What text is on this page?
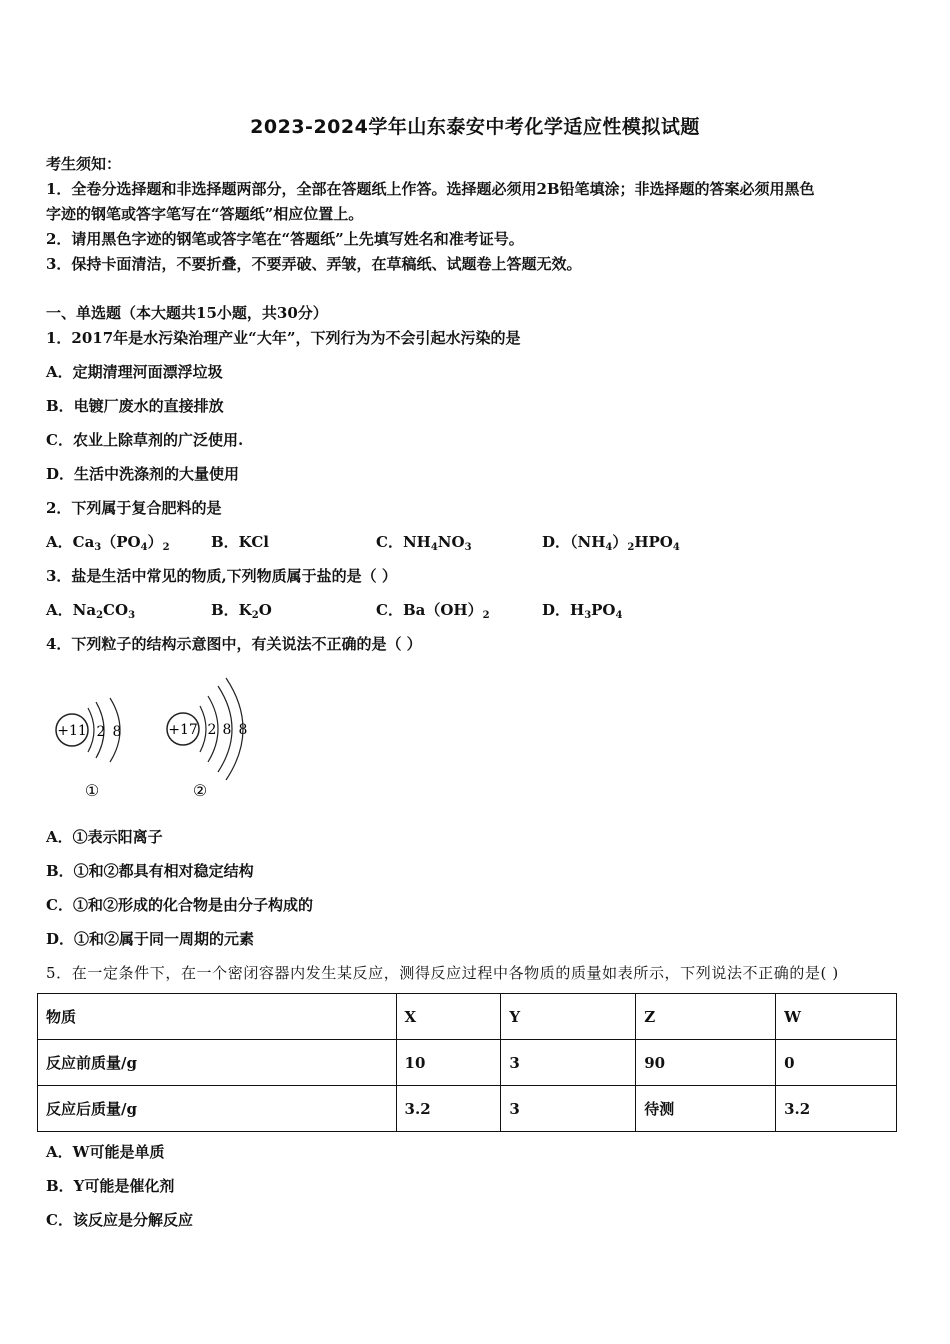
2023-2024学年山东泰安中考化学适应性模拟试题
考生须知：
1．全卷分选择题和非选择题两部分，全部在答题纸上作答。选择题必须用2B铅笔填涂；非选择题的答案必须用黑色
字迹的钢笔或答字笔写在“答题纸”相应位置上。
2．请用黑色字迹的钢笔或答字笔在“答题纸”上先填写姓名和准考证号。
3．保持卡面清洁，不要折叠，不要弄破、弄皱，在草稿纸、试题卷上答题无效。
一、单选题（本大题共15小题，共30分）
1．2017年是水污染治理产业“大年”，下列行为为不会引起水污染的是
A．定期清理河面漂浮垃圾
B．电镀厂废水的直接排放
C．农业上除草剂的广泛使用.
D．生活中洗涤剂的大量使用
2．下列属于复合肥料的是
A．$Ca_3(PO_4)_2$	B．KCl	C．$NH_4NO_3$	D．$(NH_4)_2HPO_4$
3．盐是生活中常见的物质,下列物质属于盐的是（ ）
A．$Na_2CO_3$	B．$K_2O$	C．$Ba(OH)_2$	D．$H_3PO_4$
4．下列粒子的结构示意图中，有关说法不正确的是（ ）
+11 2 8
①
+17 2 8 8
②
A．①表示阳离子
B．①和②都具有相对稳定结构
C．①和②形成的化合物是由分子构成的
D．①和②属于同一周期的元素
5．在一定条件下，在一个密闭容器内发生某反应，测得反应过程中各物质的质量如表所示，下列说法不正确的是( )
物质	X	Y	Z	W
反应前质量/g	10	3	90	0
反应后质量/g	3.2	3	待测	3.2
A．W可能是单质
B．Y可能是催化剂
C．该反应是分解反应
